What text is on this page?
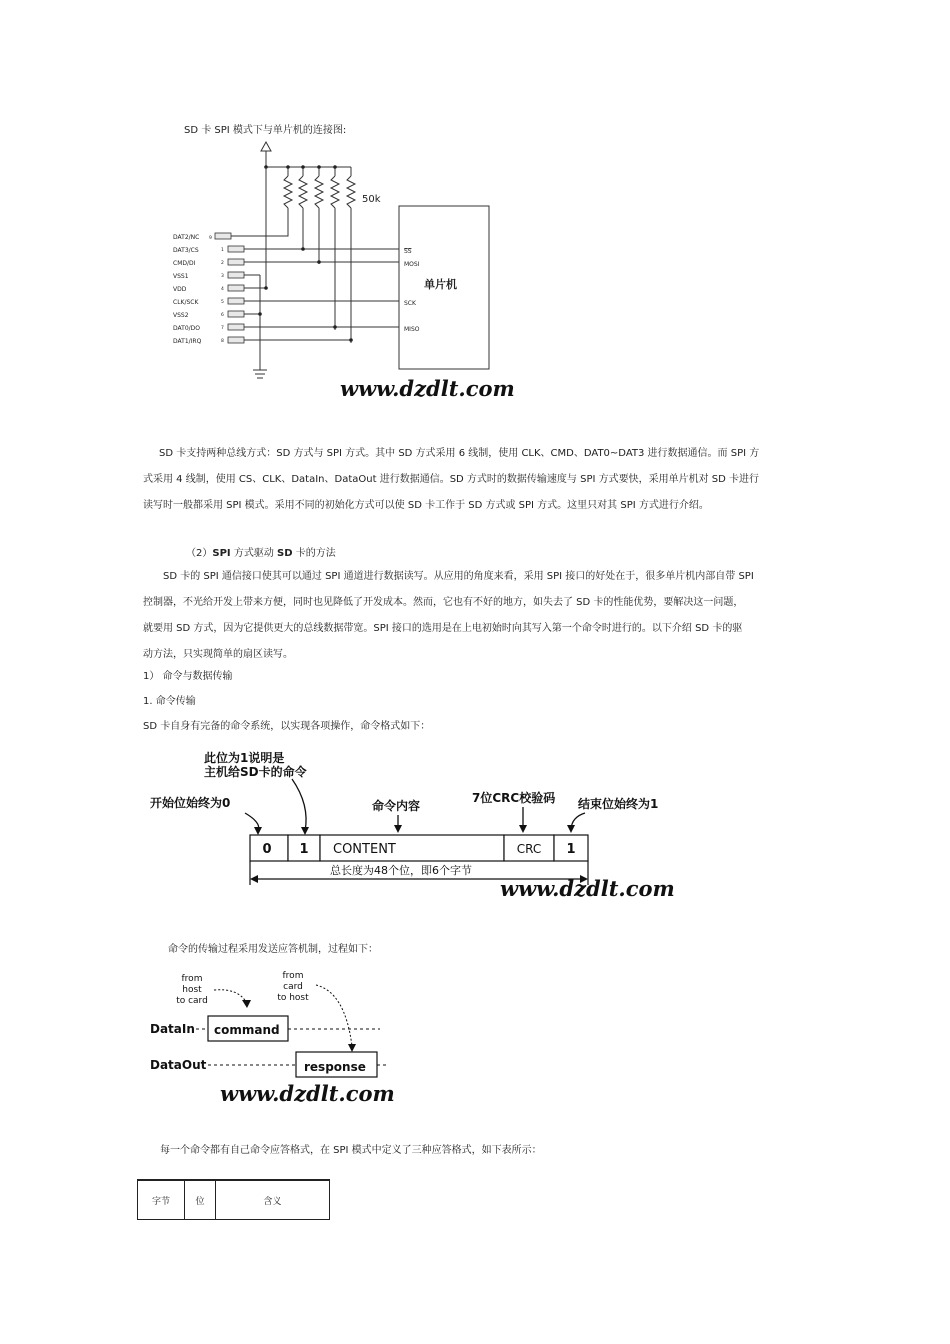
SD 卡 SPI 模式下与单片机的连接图:
50k
单片机
SS
MOSI
SCK
MISO
DAT2/NC
DAT3/CS
CMD/DI
VSS1
VDD
CLK/SCK
VSS2
DAT0/DO
DAT1/IRQ
9
1
2
3
4
5
6
7
8
www.dzdlt.com
SD 卡支持两种总线方式：SD 方式与 SPI 方式。其中 SD 方式采用 6 线制，使用 CLK、CMD、DAT0~DAT3 进行数据通信。而 SPI 方
式采用 4 线制，使用 CS、CLK、DataIn、DataOut 进行数据通信。SD 方式时的数据传输速度与 SPI 方式要快，采用单片机对 SD 卡进行
读写时一般都采用 SPI 模式。采用不同的初始化方式可以使 SD 卡工作于 SD 方式或 SPI 方式。这里只对其 SPI 方式进行介绍。
（2）SPI 方式驱动 SD 卡的方法
SD 卡的 SPI 通信接口使其可以通过 SPI 通道进行数据读写。从应用的角度来看，采用 SPI 接口的好处在于，很多单片机内部自带 SPI
控制器，不光给开发上带来方便，同时也见降低了开发成本。然而，它也有不好的地方，如失去了 SD 卡的性能优势，要解决这一问题，
就要用 SD 方式，因为它提供更大的总线数据带宽。SPI 接口的选用是在上电初始时向其写入第一个命令时进行的。以下介绍 SD 卡的驱
动方法，只实现简单的扇区读写。
1） 命令与数据传输
1. 命令传输
SD 卡自身有完备的命令系统，以实现各项操作，命令格式如下：
此位为1说明是
主机给SD卡的命令
开始位始终为0	命令内容
7位CRC校验码 结束位始终为1
0 1 CONTENT	CRC 1
总长度为48个位，即6个字节
www.dzdlt.com
命令的传输过程采用发送应答机制，过程如下：
from
host
to card
from
card
to host
DataIn
DataOut
command
response
www.dzdlt.com
每一个命令都有自己命令应答格式，在 SPI 模式中定义了三种应答格式，如下表所示：
字节	位	含义
